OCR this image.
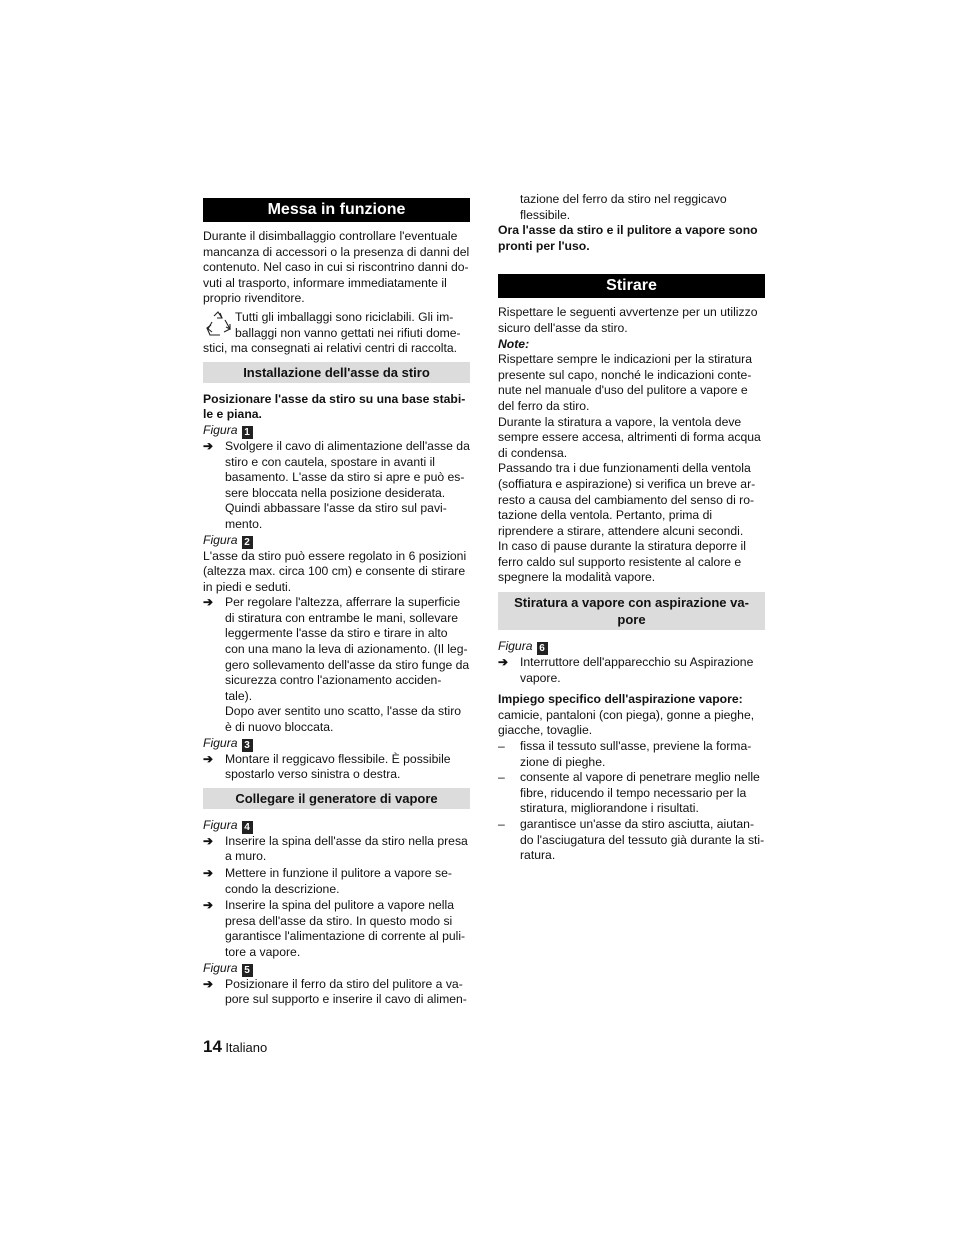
Messa in funzione

Durante il disimballaggio controllare l'eventuale mancanza di accessori o la presenza di danni del contenuto. Nel caso in cui si riscontrino danni do- vuti al trasporto, informare immediatamente il proprio rivenditore.

Tutti gli imballaggi sono riciclabili. Gli im- ballaggi non vanno gettati nei rifiuti dome- stici, ma consegnati ai relativi centri di raccolta.
Installazione dell'asse da stiro

Posizionare l'asse da stiro su una base stabi- le e piana.

Figura 1
➔ Svolgere il cavo di alimentazione dell'asse da stiro e con cautela, spostare in avanti il basamento. L'asse da stiro si apre e può es- sere bloccata nella posizione desiderata. Quindi abbassare l'asse da stiro sul pavi- mento.
Figura 2

L'asse da stiro può essere regolato in 6 posizioni (altezza max. circa 100 cm) e consente di stirare in piedi e seduti.

➔ Per regolare l'altezza, afferrare la superficie di stiratura con entrambe le mani, sollevare leggermente l'asse da stiro e tirare in alto con una mano la leva di azionamento. (Il leg- gero sollevamento dell'asse da stiro funge da sicurezza contro l'azionamento acciden- tale).

Dopo aver sentito uno scatto, l'asse da stiro è di nuovo bloccata.

Figura 3
➔ Montare il reggicavo flessibile. È possibile spostarlo verso sinistra o destra.
Collegare il generatore di vapore
Figura 4
➔ Inserire la spina dell'asse da stiro nella presa a muro.
➔ Mettere in funzione il pulitore a vapore se- condo la descrizione.
➔ Inserire la spina del pulitore a vapore nella presa dell'asse da stiro. In questo modo si garantisce l'alimentazione di corrente al puli- tore a vapore.
Figura 5
➔ Posizionare il ferro da stiro del pulitore a va- pore sul supporto e inserire il cavo di alimen-

tazione del ferro da stiro nel reggicavo flessibile.

Ora l'asse da stiro e il pulitore a vapore sono pronti per l'uso.

Stirare

Rispettare le seguenti avvertenze per un utilizzo sicuro dell'asse da stiro.

Note:

Rispettare sempre le indicazioni per la stiratura presente sul capo, nonché le indicazioni conte- nute nel manuale d'uso del pulitore a vapore e del ferro da stiro.

Durante la stiratura a vapore, la ventola deve sempre essere accesa, altrimenti di forma acqua di condensa.

Passando tra i due funzionamenti della ventola (soffiatura e aspirazione) si verifica un breve ar- resto a causa del cambiamento del senso di ro- tazione della ventola. Pertanto, prima di riprendere a stirare, attendere alcuni secondi.

In caso di pause durante la stiratura deporre il ferro caldo sul supporto resistente al calore e spegnere la modalità vapore.

Stiratura a vapore con aspirazione va- pore
Figura 6
➔ Interruttore dell'apparecchio su Aspirazione vapore.

Impiego specifico dell'aspirazione vapore:

camicie, pantaloni (con piega), gonne a pieghe, giacche, tovaglie.

– fissa il tessuto sull'asse, previene la forma- zione di pieghe.
– consente al vapore di penetrare meglio nelle fibre, riducendo il tempo necessario per la stiratura, migliorandone i risultati.
– garantisce un'asse da stiro asciutta, aiutan- do l'asciugatura del tessuto già durante la sti- ratura.
14 Italiano
